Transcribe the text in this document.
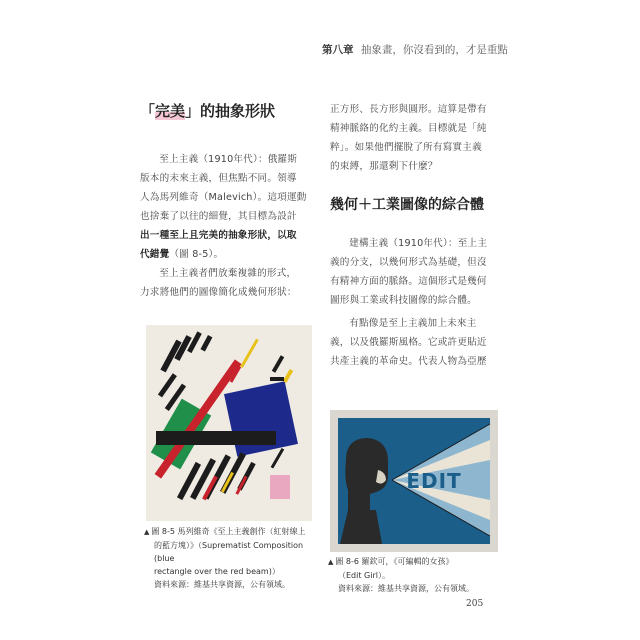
第八章 抽象畫，你沒看到的，才是重點
「完美」的抽象形狀

至上主義（1910年代）：俄羅斯

版本的未來主義，但焦點不同。領導
人為馬列維奇（Malevich）。這項運動
也捨棄了以往的細覺，其目標為設計
出一種至上且完美的抽象形狀，以取
代錯覺（圖 8-5）。

至上主義者們放棄複雜的形式，

力求將他們的圖像簡化成幾何形狀：

▲ 圖 8-5 馬列維奇《至上主義創作（紅射線上
的藍方塊）》（Suprematist Composition (blue
rectangle over the red beam)）
資料來源：維基共享資源，公有領域。

正方形、長方形與圓形。這算是帶有
精神脈絡的化約主義。目標就是「純
粹」。如果他們擺脫了所有寫實主義
的束縛，那還剩下什麼？

幾何＋工業圖像的綜合體

建構主義（1910年代）：至上主

義的分支，以幾何形式為基礎，但沒
有精神方面的脈絡。這個形式是幾何
圖形與工業或科技圖像的綜合體。

有點像是至上主義加上未來主

義，以及俄羅斯風格。它或許更貼近
共產主義的革命史。代表人物為亞歷

EDIT
▲ 圖 8-6 羅欽可，《可編輯的女孩》
（Edit Girl）。
資料來源：維基共享資源，公有領域。
205
